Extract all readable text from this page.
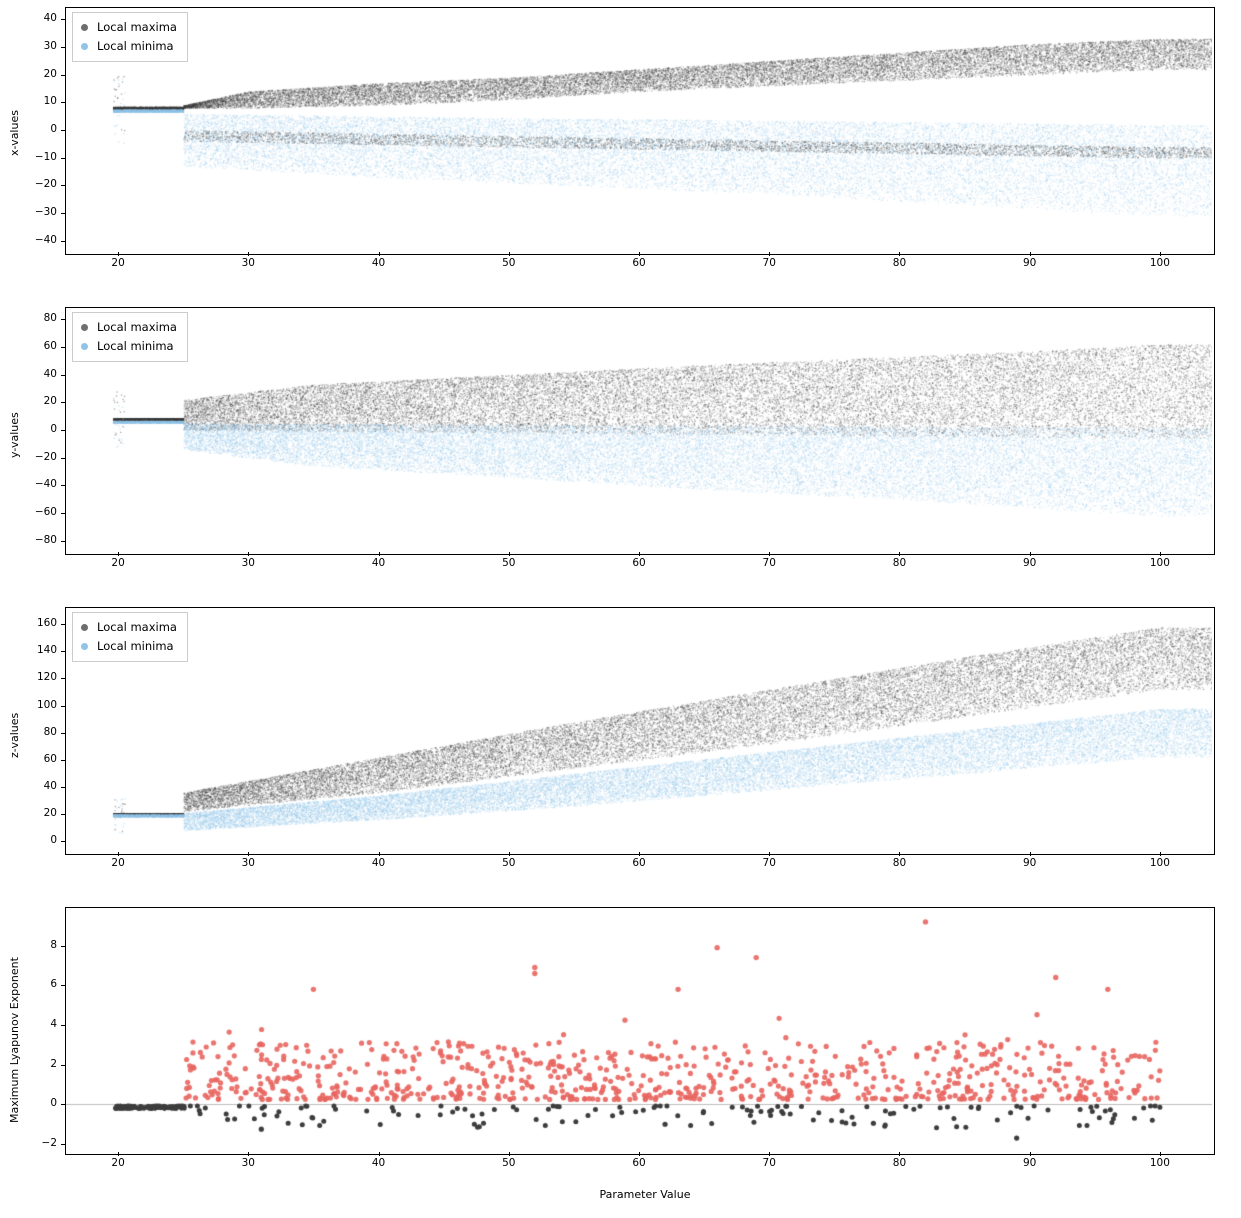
x-values
Local maxima
Local minima
y-values
Local maxima
Local minima
z-values
Local maxima
Local minima
Maximum Lyapunov Exponent
Parameter Value
20	30	40	50	60	70	80	90	100
−40
−30
−20
−10
0
10
20
30
40
20	30	40	50	60	70	80	90	100
−80
−60
−40
−20
0
20
40
60
80
20	30	40	50	60	70	80	90	100
0
20
40
60
80
100
120
140
160
20	30	40	50	60	70	80	90	100
−2
0
2
4
6
8
